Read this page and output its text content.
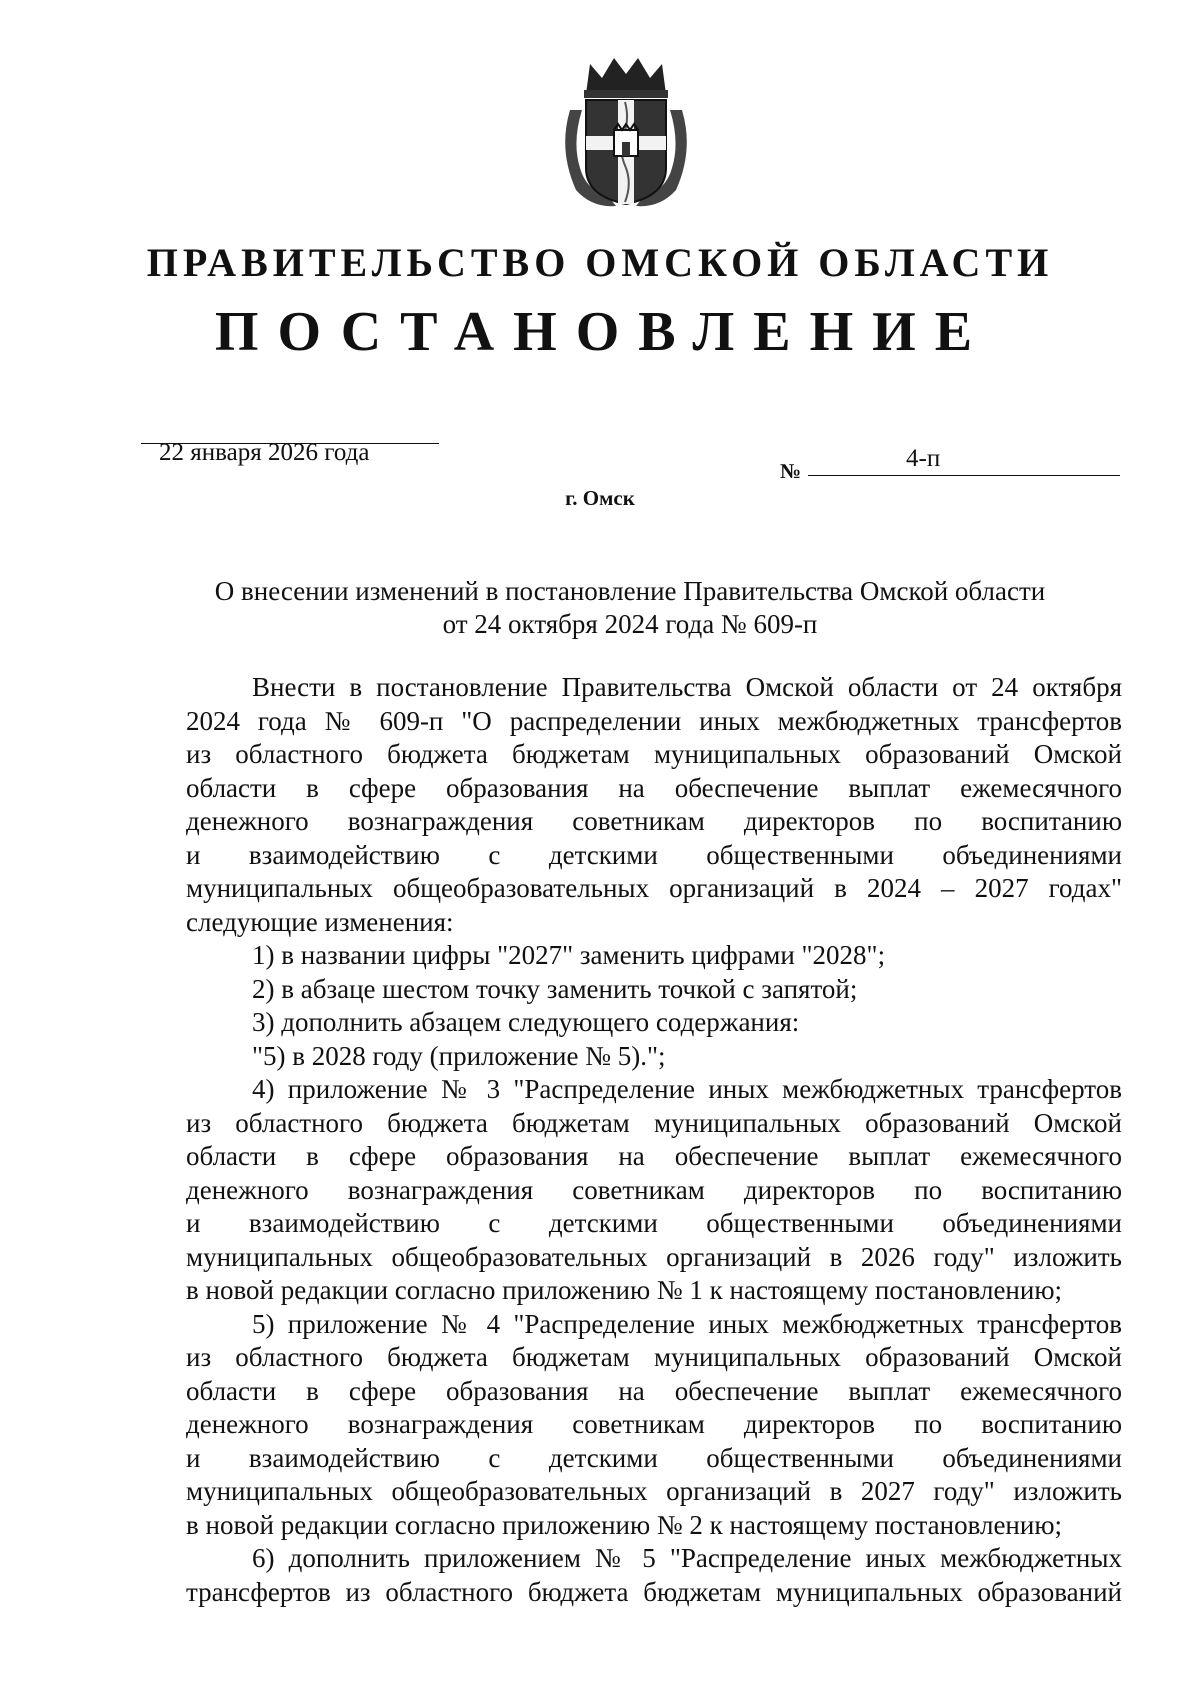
ПРАВИТЕЛЬСТВО ОМСКОЙ ОБЛАСТИ
ПОСТАНОВЛЕНИЕ
22 января 2026 года
№	4-п
г. Омск
О внесении изменений в постановление Правительства Омской области
от 24 октября 2024 года № 609-п
Внести в постановление Правительства Омской области от 24 октября
2024 года № 609-п "О распределении иных межбюджетных трансфертов
из областного бюджета бюджетам муниципальных образований Омской
области в сфере образования на обеспечение выплат ежемесячного
денежного вознаграждения советникам директоров по воспитанию
и взаимодействию с детскими общественными объединениями
муниципальных общеобразовательных организаций в 2024 – 2027 годах"
следующие изменения:
1) в названии цифры "2027" заменить цифрами "2028";
2) в абзаце шестом точку заменить точкой с запятой;
3) дополнить абзацем следующего содержания:
"5) в 2028 году (приложение № 5).";
4) приложение № 3 "Распределение иных межбюджетных трансфертов
из областного бюджета бюджетам муниципальных образований Омской
области в сфере образования на обеспечение выплат ежемесячного
денежного вознаграждения советникам директоров по воспитанию
и взаимодействию с детскими общественными объединениями
муниципальных общеобразовательных организаций в 2026 году" изложить
в новой редакции согласно приложению № 1 к настоящему постановлению;
5) приложение № 4 "Распределение иных межбюджетных трансфертов
из областного бюджета бюджетам муниципальных образований Омской
области в сфере образования на обеспечение выплат ежемесячного
денежного вознаграждения советникам директоров по воспитанию
и взаимодействию с детскими общественными объединениями
муниципальных общеобразовательных организаций в 2027 году" изложить
в новой редакции согласно приложению № 2 к настоящему постановлению;
6) дополнить приложением № 5 "Распределение иных межбюджетных
трансфертов из областного бюджета бюджетам муниципальных образований
